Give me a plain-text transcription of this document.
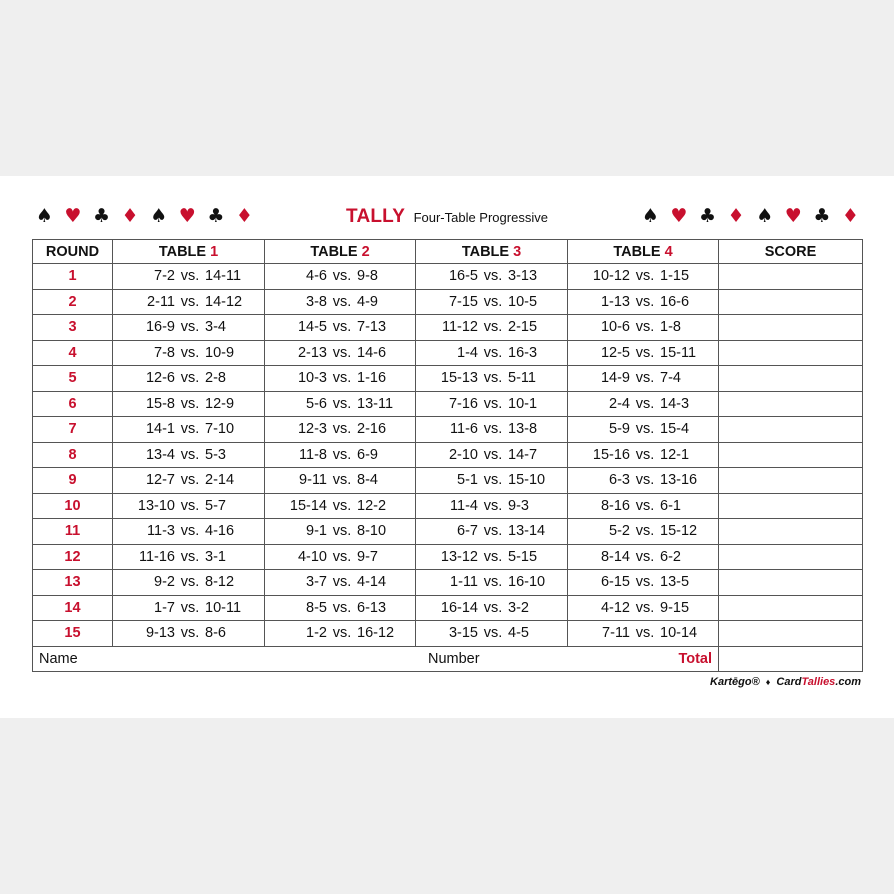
♠ ♥ ♣ ♦ ♠ ♥ ♣ ♦	TALLY Four-Table Progressive	♠ ♥ ♣ ♦ ♠ ♥ ♣ ♦
ROUND	TABLE 1	TABLE 2	TABLE 3	TABLE 4	SCORE
1	7-2 vs. 14-11	4-6 vs. 9-8	16-5 vs. 3-13	10-12 vs. 1-15	
2	2-11 vs. 14-12	3-8 vs. 4-9	7-15 vs. 10-5	1-13 vs. 16-6	
3	16-9 vs. 3-4	14-5 vs. 7-13	11-12 vs. 2-15	10-6 vs. 1-8	
4	7-8 vs. 10-9	2-13 vs. 14-6	1-4 vs. 16-3	12-5 vs. 15-11	
5	12-6 vs. 2-8	10-3 vs. 1-16	15-13 vs. 5-11	14-9 vs. 7-4	
6	15-8 vs. 12-9	5-6 vs. 13-11	7-16 vs. 10-1	2-4 vs. 14-3	
7	14-1 vs. 7-10	12-3 vs. 2-16	11-6 vs. 13-8	5-9 vs. 15-4	
8	13-4 vs. 5-3	11-8 vs. 6-9	2-10 vs. 14-7	15-16 vs. 12-1	
9	12-7 vs. 2-14	9-11 vs. 8-4	5-1 vs. 15-10	6-3 vs. 13-16	
10	13-10 vs. 5-7	15-14 vs. 12-2	11-4 vs. 9-3	8-16 vs. 6-1	
11	11-3 vs. 4-16	9-1 vs. 8-10	6-7 vs. 13-14	5-2 vs. 15-12	
12	11-16 vs. 3-1	4-10 vs. 9-7	13-12 vs. 5-15	8-14 vs. 6-2	
13	9-2 vs. 8-12	3-7 vs. 4-14	1-11 vs. 16-10	6-15 vs. 13-5	
14	1-7 vs. 10-11	8-5 vs. 6-13	16-14 vs. 3-2	4-12 vs. 9-15	
15	9-13 vs. 8-6	1-2 vs. 16-12	3-15 vs. 4-5	7-11 vs. 10-14	

Name Number Total					

Kartēgo® ♦ CardTallies.com
